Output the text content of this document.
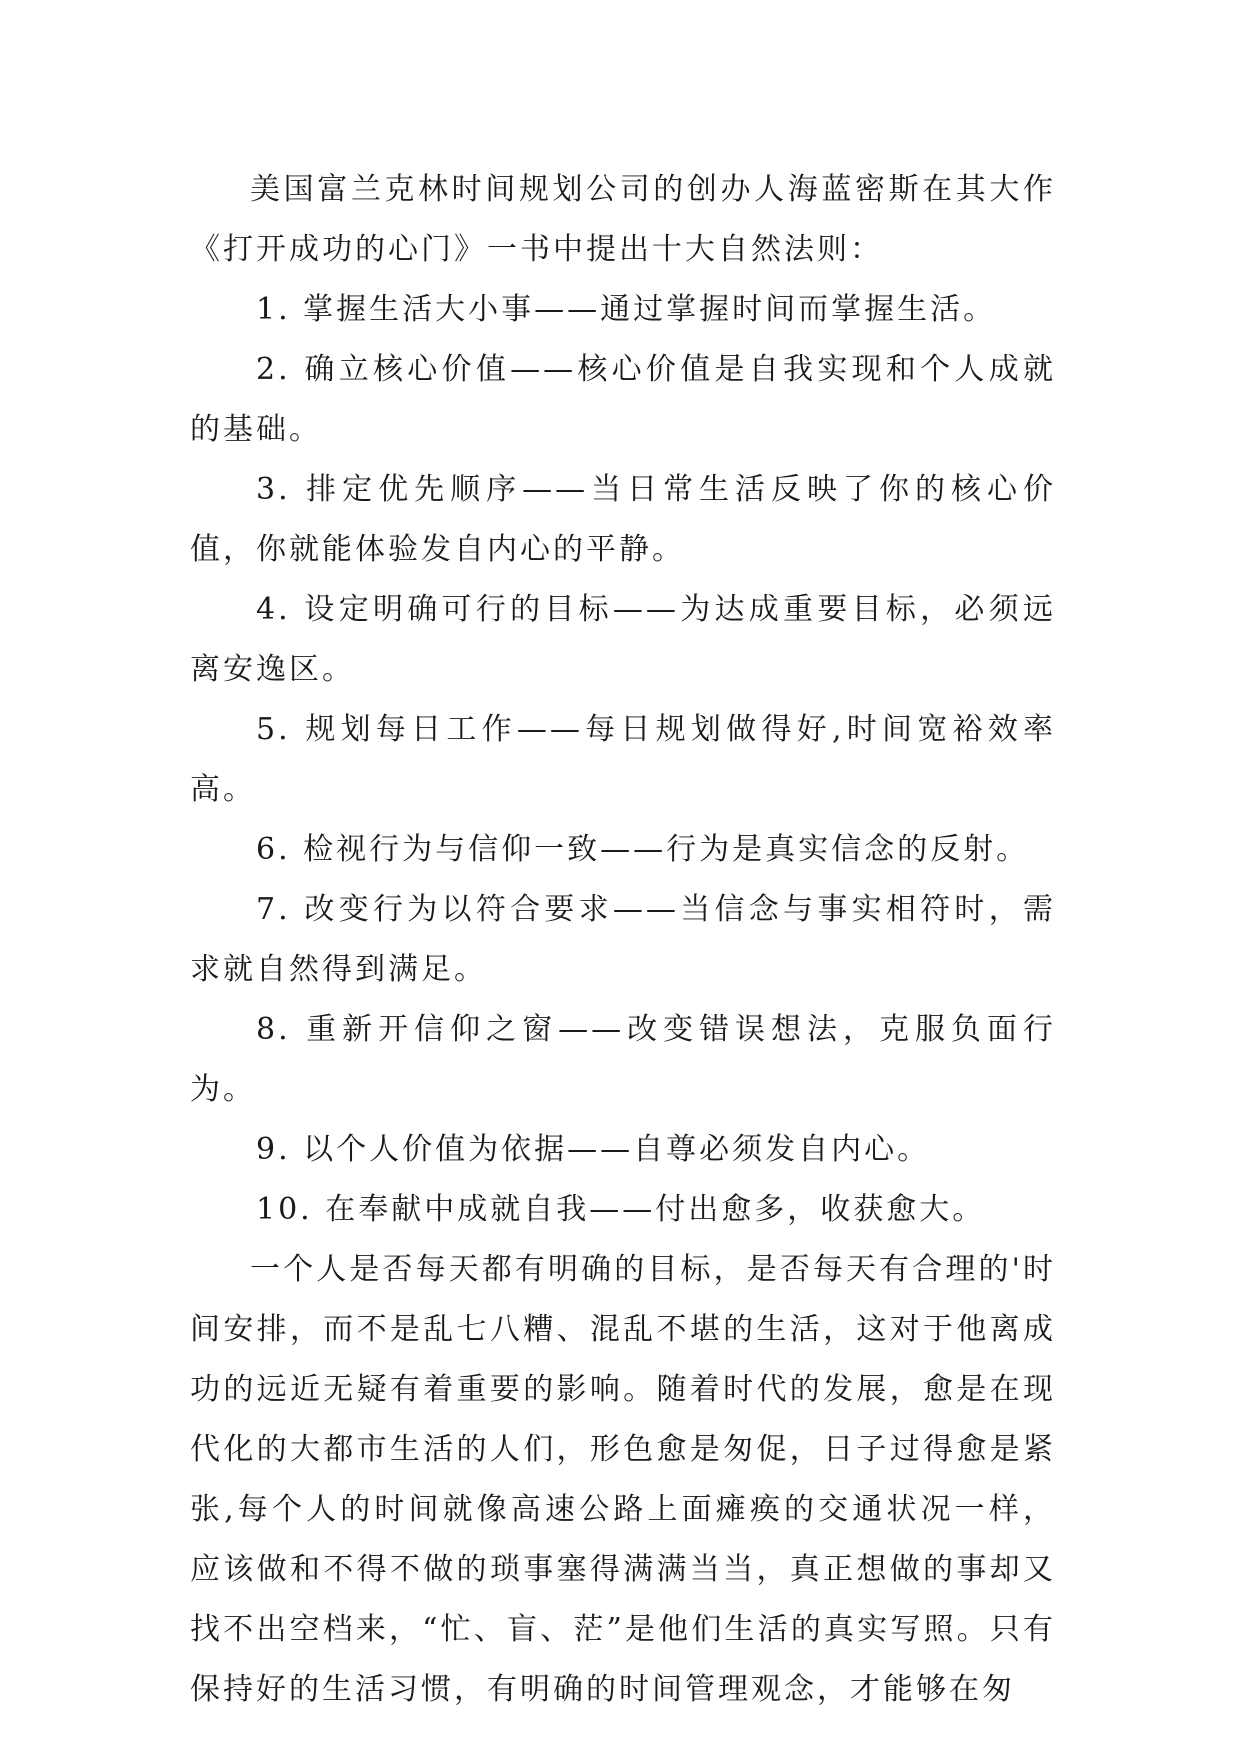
美国富兰克林时间规划公司的创办人海蓝密斯在其大作《打开成功的心门》一书中提出十大自然法则：

1. 掌握生活大小事——通过掌握时间而掌握生活。

2. 确立核心价值——核心价值是自我实现和个人成就的基础。

3. 排定优先顺序——当日常生活反映了你的核心价值，你就能体验发自内心的平静。

4. 设定明确可行的目标——为达成重要目标，必须远离安逸区。

5. 规划每日工作——每日规划做得好,时间宽裕效率高。

6. 检视行为与信仰一致——行为是真实信念的反射。

7. 改变行为以符合要求——当信念与事实相符时，需求就自然得到满足。

8. 重新开信仰之窗——改变错误想法，克服负面行为。

9. 以个人价值为依据——自尊必须发自内心。

10. 在奉献中成就自我——付出愈多，收获愈大。

一个人是否每天都有明确的目标，是否每天有合理的'时间安排，而不是乱七八糟、混乱不堪的生活，这对于他离成功的远近无疑有着重要的影响。随着时代的发展，愈是在现代化的大都市生活的人们，形色愈是匆促，日子过得愈是紧张,每个人的时间就像高速公路上面瘫痪的交通状况一样，应该做和不得不做的琐事塞得满满当当，真正想做的事却又找不出空档来，“忙、盲、茫”是他们生活的真实写照。只有保持好的生活习惯，有明确的时间管理观念，才能够在匆
